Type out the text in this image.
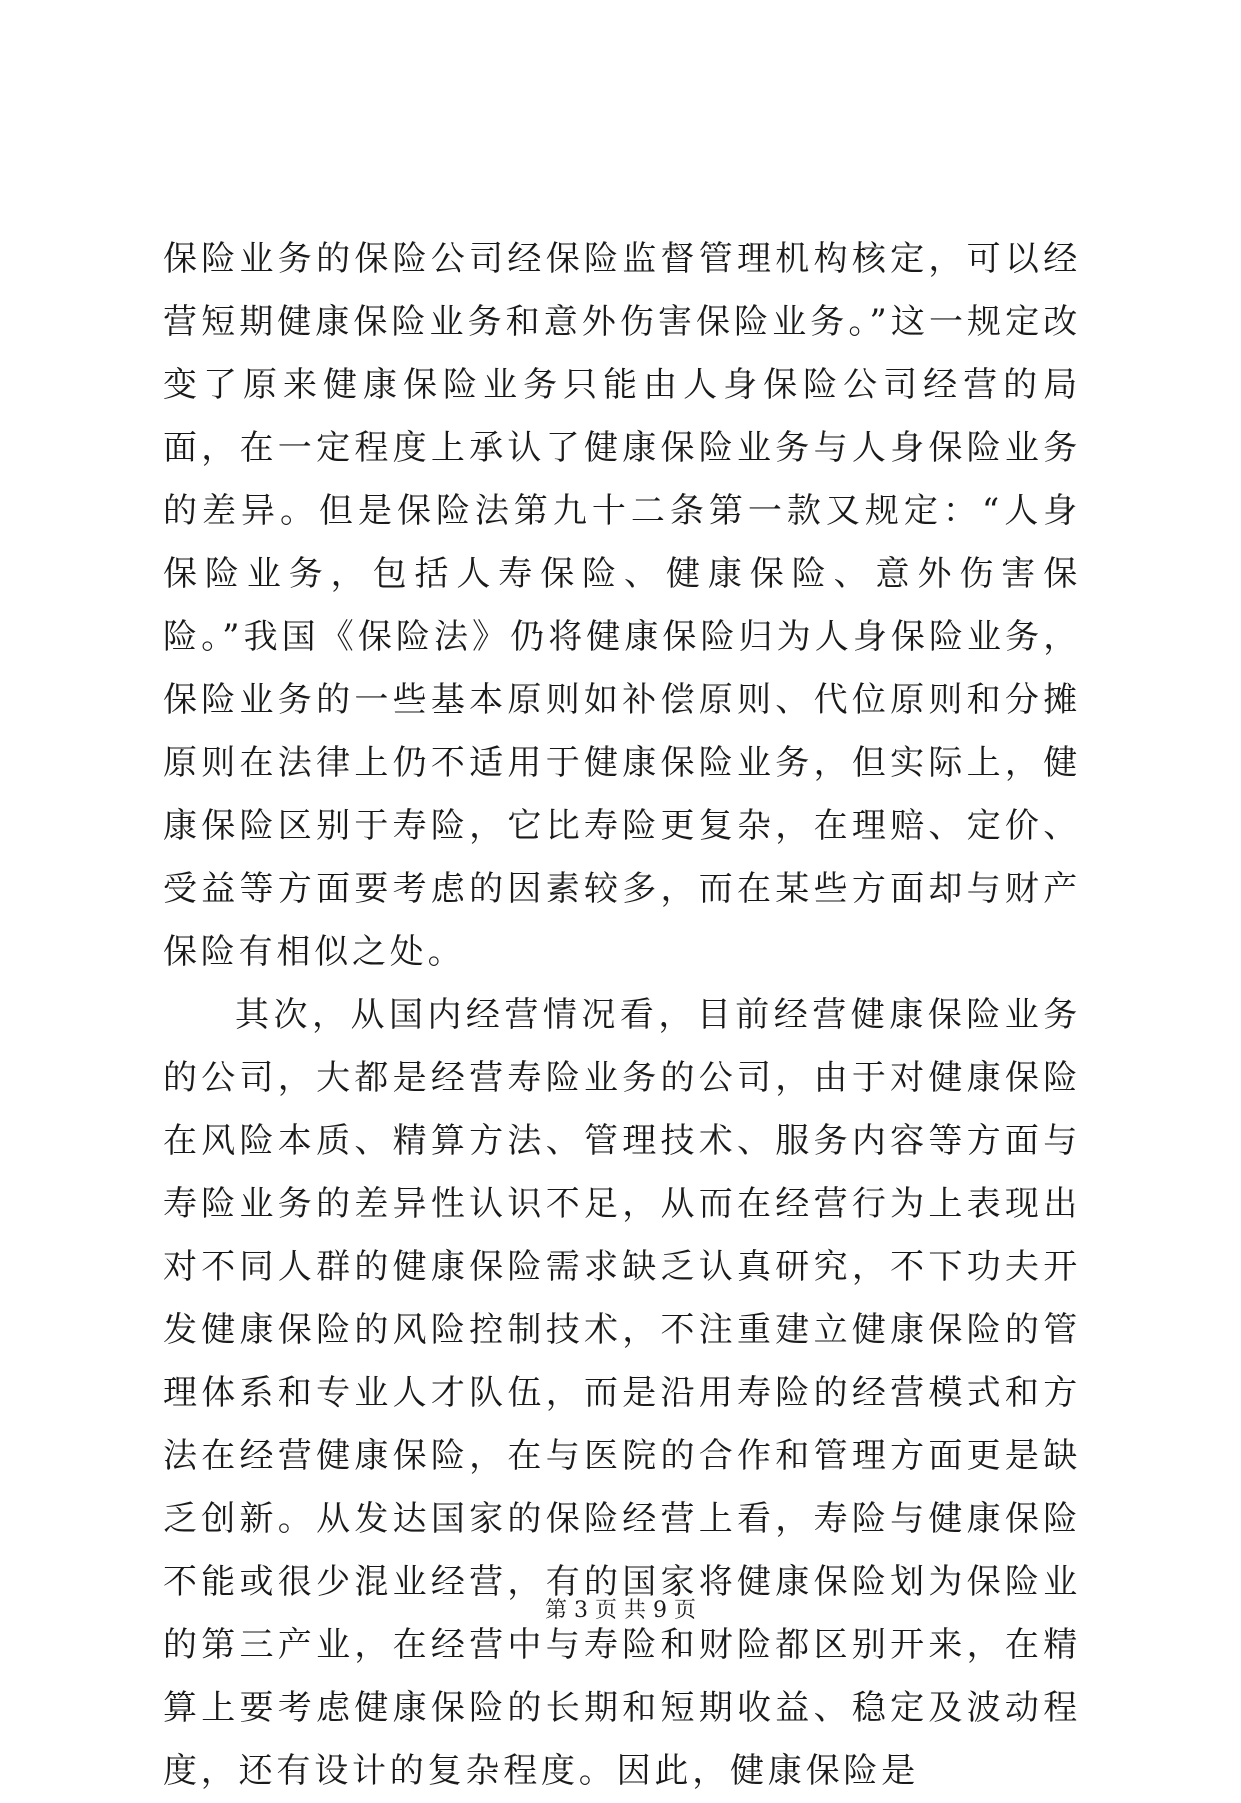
保险业务的保险公司经保险监督管理机构核定，可以经营短期健康保险业务和意外伤害保险业务。”这一规定改变了原来健康保险业务只能由人身保险公司经营的局面，在一定程度上承认了健康保险业务与人身保险业务的差异。但是保险法第九十二条第一款又规定：“人身保险业务，包括人寿保险、健康保险、意外伤害保险。”我国《保险法》仍将健康保险归为人身保险业务，保险业务的一些基本原则如补偿原则、代位原则和分摊原则在法律上仍不适用于健康保险业务，但实际上，健康保险区别于寿险，它比寿险更复杂，在理赔、定价、受益等方面要考虑的因素较多，而在某些方面却与财产保险有相似之处。

其次，从国内经营情况看，目前经营健康保险业务的公司，大都是经营寿险业务的公司，由于对健康保险在风险本质、精算方法、管理技术、服务内容等方面与寿险业务的差异性认识不足，从而在经营行为上表现出对不同人群的健康保险需求缺乏认真研究，不下功夫开发健康保险的风险控制技术，不注重建立健康保险的管理体系和专业人才队伍，而是沿用寿险的经营模式和方法在经营健康保险，在与医院的合作和管理方面更是缺乏创新。从发达国家的保险经营上看，寿险与健康保险不能或很少混业经营，有的国家将健康保险划为保险业的第三产业，在经营中与寿险和财险都区别开来，在精算上要考虑健康保险的长期和短期收益、稳定及波动程度，还有设计的复杂程度。因此，健康保险是

第 3 页 共 9 页
